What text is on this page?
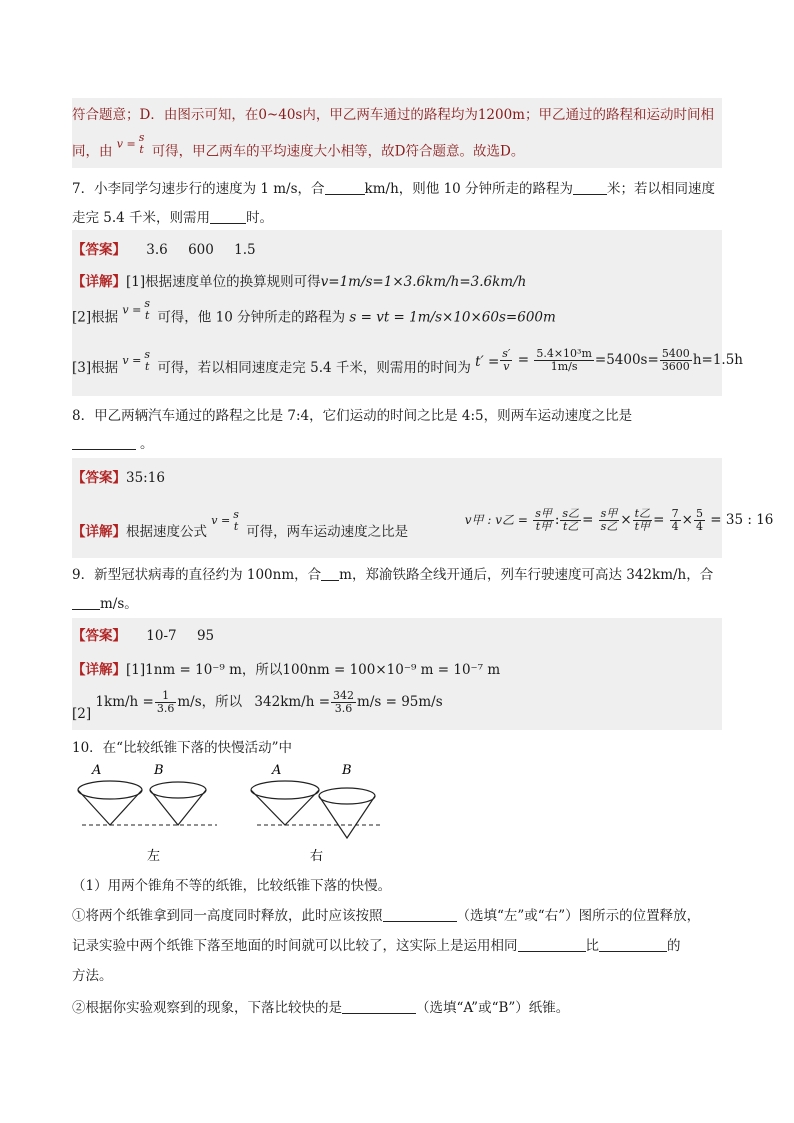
符合题意；D．由图示可知，在0~40s内，甲乙两车通过的路程均为1200m；甲乙通过的路程和运动时间相
同，由 v = s
t 可得，甲乙两车的平均速度大小相等，故D符合题意。故选D。
7．小李同学匀速步行的速度为 1 m/s，合	km/h，则他 10 分钟所走的路程为	米；若以相同速度
走完 5.4 千米，则需用	时。
【答案】 3.6 600 1.5
【详解】[1]根据速度单位的换算规则可得v=1m/s=1×3.6km/h=3.6km/h
[2]根据 v = s
t 可得，他 10 分钟所走的路程为 s = vt = 1m/s×10×60s=600m
[3]根据 v = s
t 可得，若以相同速度走完 5.4 千米，则需用的时间为 $t' = \frac{s'}{v} = \frac{\text{5.4×10³m}}{1m/s} =5400s= \frac{5400}{3600} h=1.5h$
8．甲乙两辆汽车通过的路程之比是 7:4，它们运动的时间之比是 4:5，则两车运动速度之比是
。
【答案】35:16
【详解】根据速度公式 v = s
t 可得，两车运动速度之比是  v甲 : v乙 = $\frac{\text{s甲}}{\text{t甲}}$ : $\frac{\text{s乙}}{\text{t乙}} = \frac{\text{s甲}}{\text{s乙}} \times \frac{\text{t乙}}{\text{t甲}} = \frac{7}{4} \times \frac{5}{4} = 35$ : 16
9．新型冠状病毒的直径约为 100nm，合 m，郑渝铁路全线开通后，列车行驶速度可高达 342km/h，合
m/s。
【答案】 10-7 95
【详解】[1]1nm = 10⁻⁹ m，所以100nm = 100×10⁻⁹ m = 10⁻⁷ m
[2] $1km/h = \frac{1}{3.6} m/s$，所以 $342km/h = \frac{342}{3.6} m/s = 95m/s$
10．在“比较纸锥下落的快慢活动”中
A	B
左
A	B
右
（1）用两个锥角不等的纸锥，比较纸锥下落的快慢。
①将两个纸锥拿到同一高度同时释放，此时应该按照	（选填“左”或“右”）图所示的位置释放，
记录实验中两个纸锥下落至地面的时间就可以比较了，这实际上是运用相同	比	的
方法。
②根据你实验观察到的现象，下落比较快的是	（选填“A”或“B”）纸锥。
